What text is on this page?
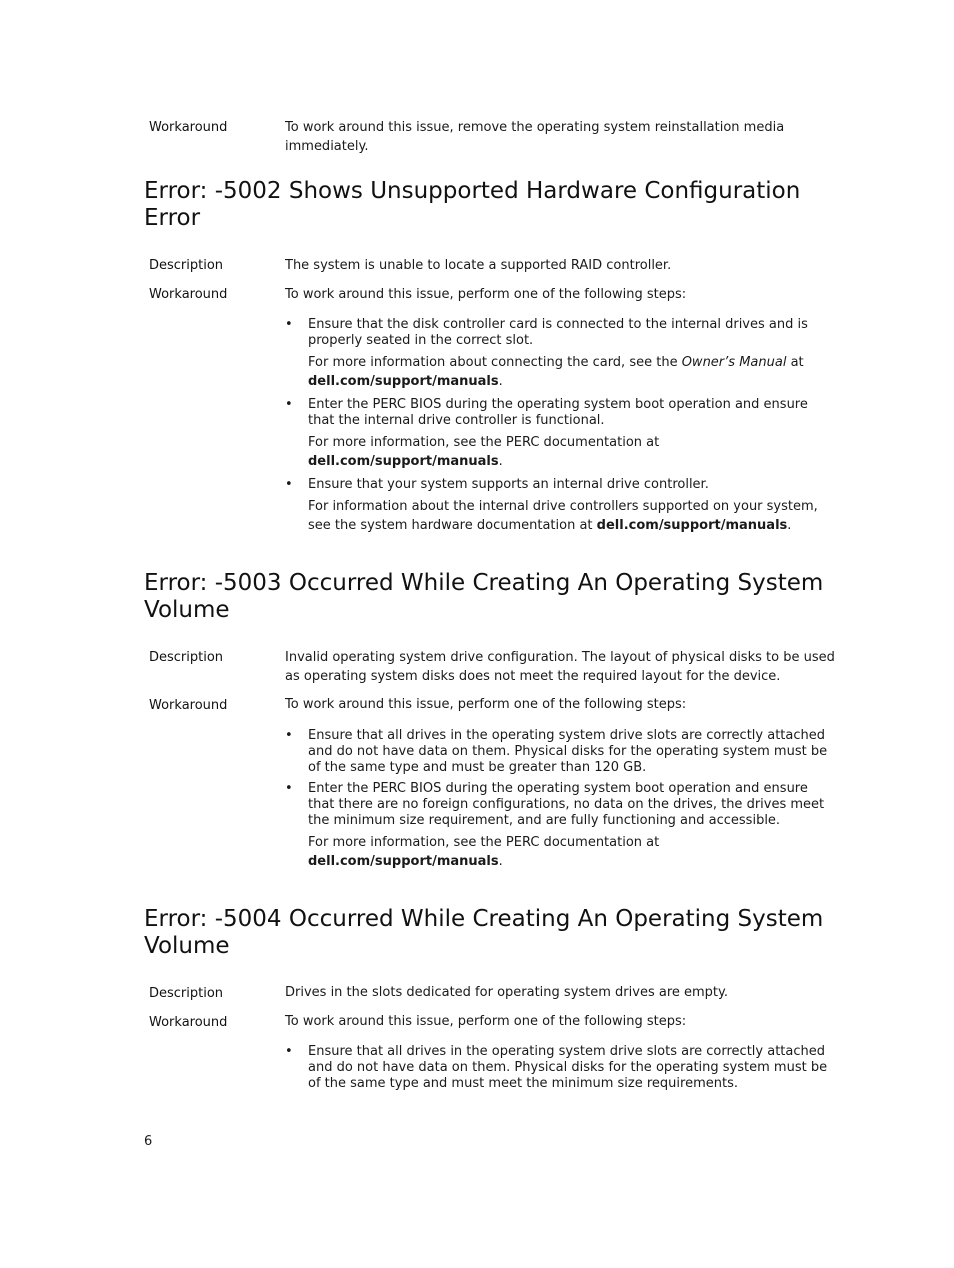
Workaround	To work around this issue, remove the operating system reinstallation media immediately.
Error: -5002 Shows Unsupported Hardware Configuration Error
Description	The system is unable to locate a supported RAID controller.
Workaround	To work around this issue, perform one of the following steps:
•	Ensure that the disk controller card is connected to the internal drives and is properly seated in the correct slot.
For more information about connecting the card, see the Owner’s Manual at
dell.com/support/manuals.
•	Enter the PERC BIOS during the operating system boot operation and ensure that the internal drive controller is functional.
For more information, see the PERC documentation at dell.com/support/manuals.
•	Ensure that your system supports an internal drive controller.
For information about the internal drive controllers supported on your system, see the system hardware documentation at dell.com/support/manuals.
Error: -5003 Occurred While Creating An Operating System Volume
Description	Invalid operating system drive configuration. The layout of physical disks to be used as operating system disks does not meet the required layout for the device.
Workaround	To work around this issue, perform one of the following steps:
•	Ensure that all drives in the operating system drive slots are correctly attached and do not have data on them. Physical disks for the operating system must be of the same type and must be greater than 120 GB.
•	Enter the PERC BIOS during the operating system boot operation and ensure that there are no foreign configurations, no data on the drives, the drives meet the minimum size requirement, and are fully functioning and accessible.
For more information, see the PERC documentation at dell.com/support/manuals.
Error: -5004 Occurred While Creating An Operating System Volume
Description	Drives in the slots dedicated for operating system drives are empty.
Workaround	To work around this issue, perform one of the following steps:
•	Ensure that all drives in the operating system drive slots are correctly attached and do not have data on them. Physical disks for the operating system must be of the same type and must meet the minimum size requirements.
6
